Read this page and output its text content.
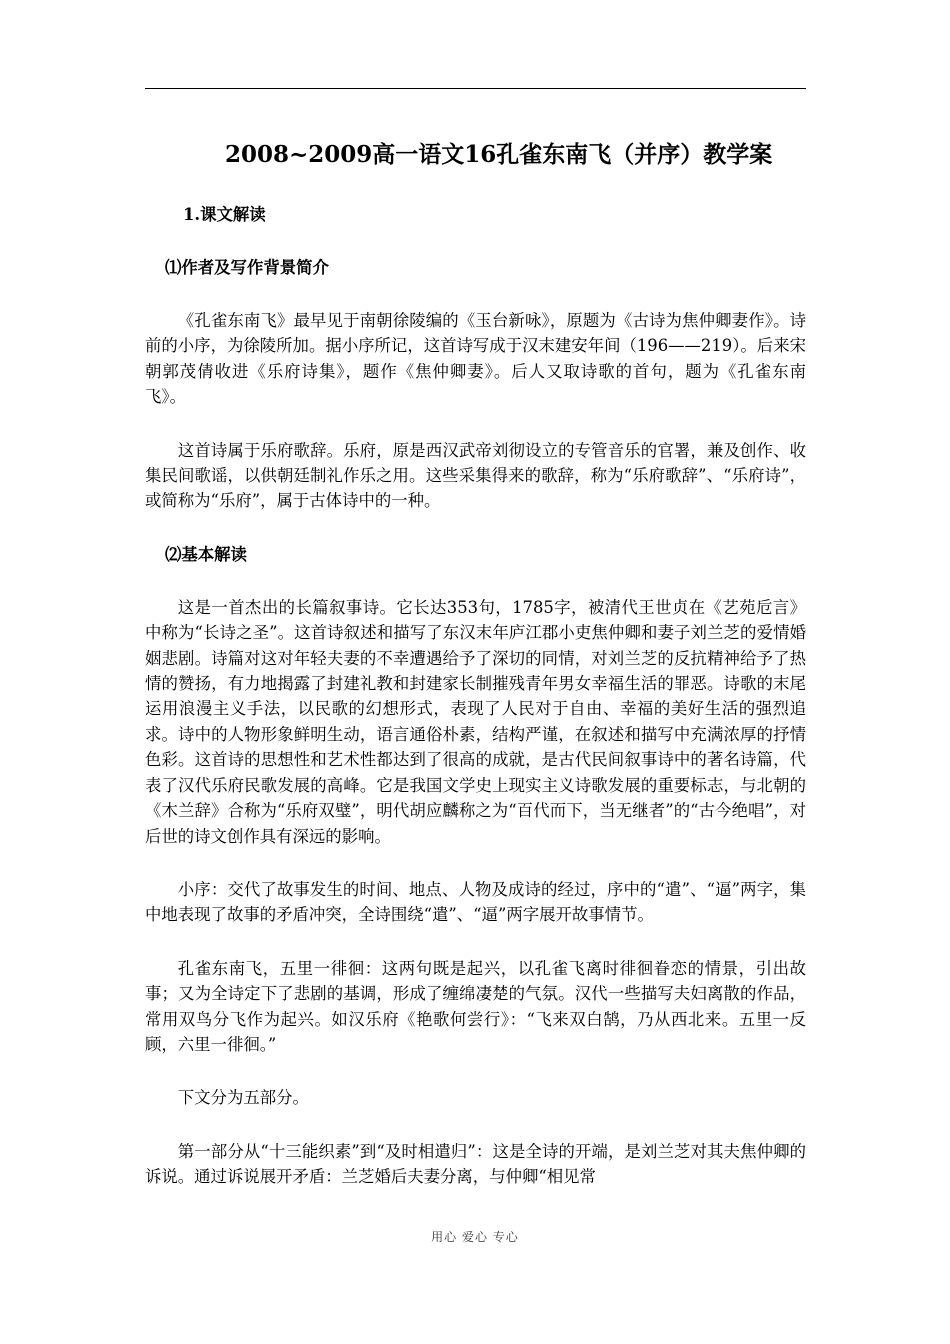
2008~2009高一语文16孔雀东南飞（并序）教学案
1.课文解读
⑴作者及写作背景简介

《孔雀东南飞》最早见于南朝徐陵编的《玉台新咏》，原题为《古诗为焦仲卿妻作》。诗前的小序，为徐陵所加。据小序所记，这首诗写成于汉末建安年间（196——219）。后来宋朝郭茂倩收进《乐府诗集》，题作《焦仲卿妻》。后人又取诗歌的首句，题为《孔雀东南飞》。

这首诗属于乐府歌辞。乐府，原是西汉武帝刘彻设立的专管音乐的官署，兼及创作、收集民间歌谣，以供朝廷制礼作乐之用。这些采集得来的歌辞，称为“乐府歌辞”、“乐府诗”，或简称为“乐府”，属于古体诗中的一种。

⑵基本解读

这是一首杰出的长篇叙事诗。它长达353句，1785字，被清代王世贞在《艺苑卮言》中称为“长诗之圣”。这首诗叙述和描写了东汉末年庐江郡小吏焦仲卿和妻子刘兰芝的爱情婚姻悲剧。诗篇对这对年轻夫妻的不幸遭遇给予了深切的同情，对刘兰芝的反抗精神给予了热情的赞扬，有力地揭露了封建礼教和封建家长制摧残青年男女幸福生活的罪恶。诗歌的末尾运用浪漫主义手法，以民歌的幻想形式，表现了人民对于自由、幸福的美好生活的强烈追求。诗中的人物形象鲜明生动，语言通俗朴素，结构严谨，在叙述和描写中充满浓厚的抒情色彩。这首诗的思想性和艺术性都达到了很高的成就，是古代民间叙事诗中的著名诗篇，代表了汉代乐府民歌发展的高峰。它是我国文学史上现实主义诗歌发展的重要标志，与北朝的《木兰辞》合称为“乐府双璧”，明代胡应麟称之为“百代而下，当无继者”的“古今绝唱”，对后世的诗文创作具有深远的影响。

小序：交代了故事发生的时间、地点、人物及成诗的经过，序中的“遣”、“逼”两字，集中地表现了故事的矛盾冲突，全诗围绕“遣”、“逼”两字展开故事情节。

孔雀东南飞，五里一徘徊：这两句既是起兴，以孔雀飞离时徘徊眷恋的情景，引出故事；又为全诗定下了悲剧的基调，形成了缠绵凄楚的气氛。汉代一些描写夫妇离散的作品，常用双鸟分飞作为起兴。如汉乐府《艳歌何尝行》：“飞来双白鹄，乃从西北来。五里一反顾，六里一徘徊。”

下文分为五部分。

第一部分从“十三能织素”到“及时相遣归”：这是全诗的开端，是刘兰芝对其夫焦仲卿的诉说。通过诉说展开矛盾：兰芝婚后夫妻分离，与仲卿“相见常

用心 爱心 专心
